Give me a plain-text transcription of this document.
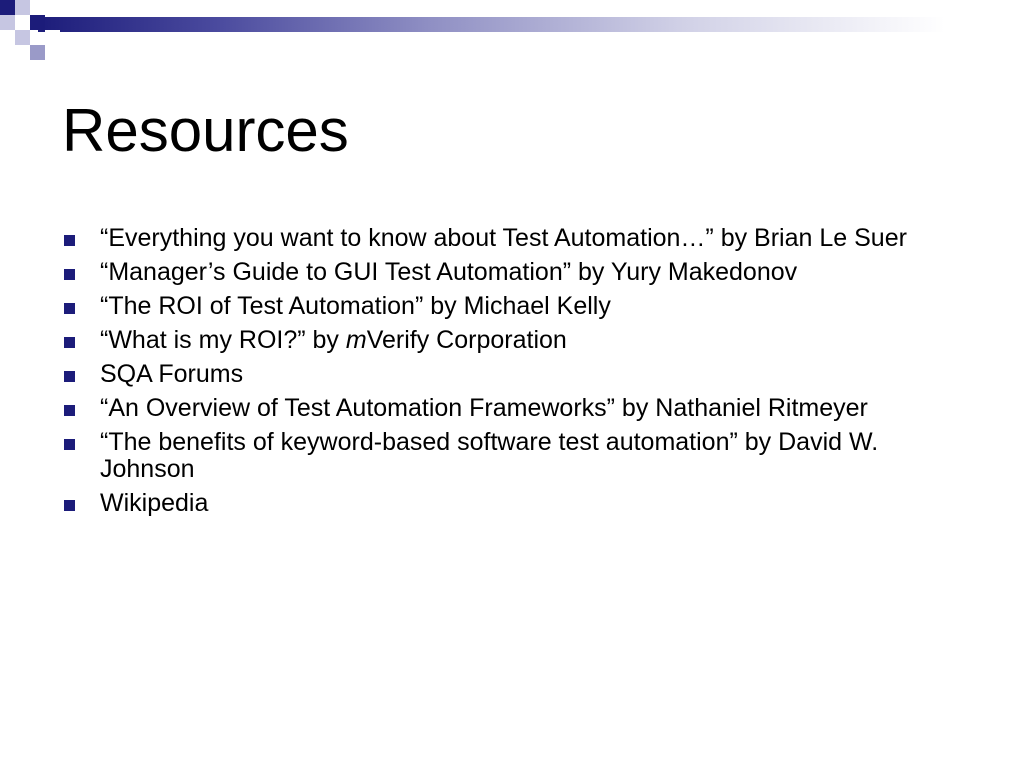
Resources
“Everything you want to know about Test Automation…” by Brian Le Suer
“Manager’s Guide to GUI Test Automation” by Yury Makedonov
“The ROI of Test Automation” by Michael Kelly
“What is my ROI?” by mVerify Corporation
SQA Forums
“An Overview of Test Automation Frameworks” by Nathaniel Ritmeyer
“The benefits of keyword-based software test automation” by David W. Johnson
Wikipedia
